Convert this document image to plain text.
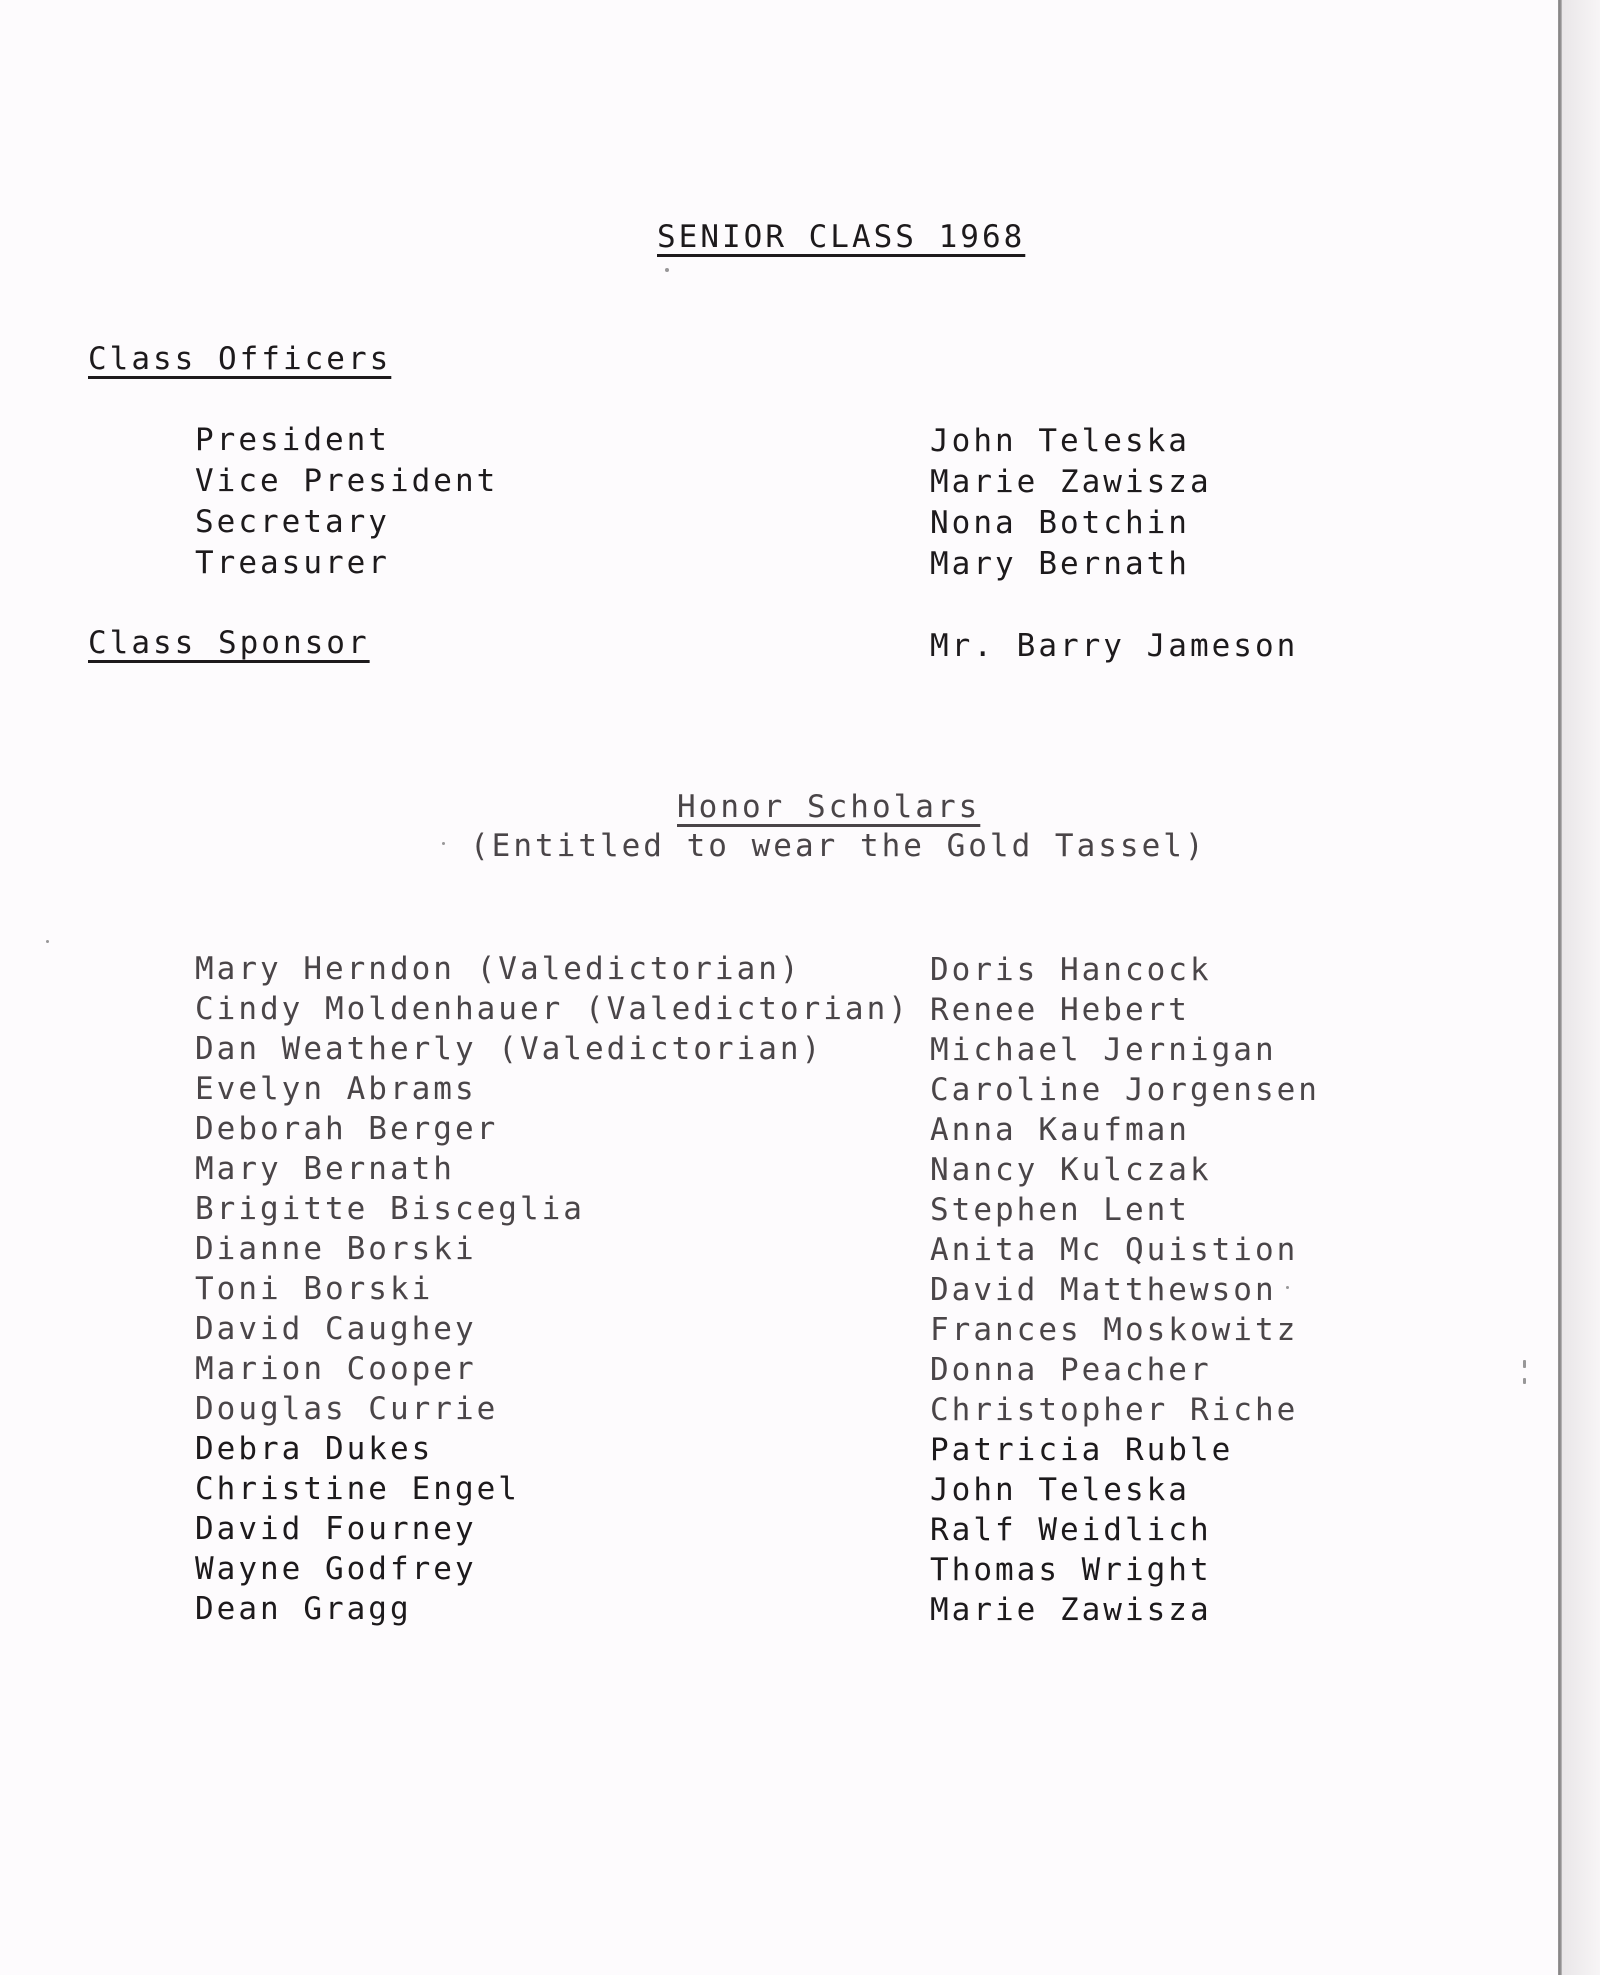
SENIOR CLASS 1968
Class Officers
President	John Teleska
Vice President	Marie Zawisza
Secretary	Nona Botchin
Treasurer	Mary Bernath
Class Sponsor	Mr. Barry Jameson
Honor Scholars
(Entitled to wear the Gold Tassel)
Mary Herndon (Valedictorian)
Cindy Moldenhauer (Valedictorian)
Dan Weatherly (Valedictorian)
Evelyn Abrams
Deborah Berger
Mary Bernath
Brigitte Bisceglia
Dianne Borski
Toni Borski
David Caughey
Marion Cooper
Douglas Currie
Debra Dukes
Christine Engel
David Fourney
Wayne Godfrey
Dean Gragg
Doris Hancock
Renee Hebert
Michael Jernigan
Caroline Jorgensen
Anna Kaufman
Nancy Kulczak
Stephen Lent
Anita Mc Quistion
David Matthewson
Frances Moskowitz
Donna Peacher
Christopher Riche
Patricia Ruble
John Teleska
Ralf Weidlich
Thomas Wright
Marie Zawisza
